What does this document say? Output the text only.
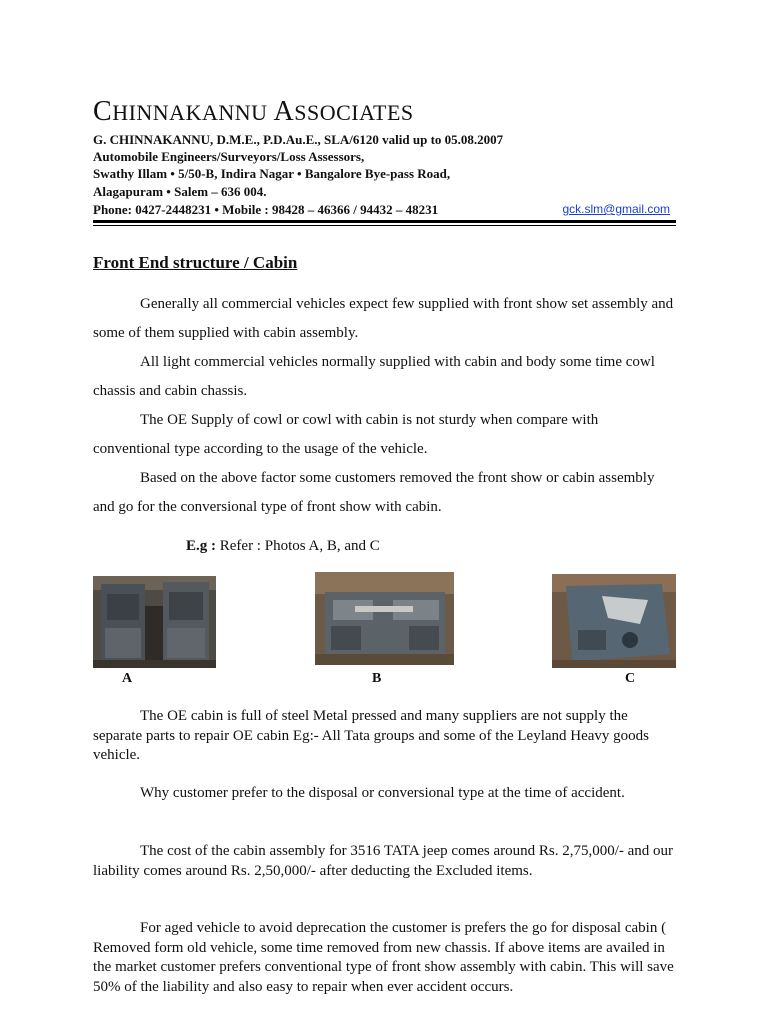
CHINNAKANNU ASSOCIATES
G. CHINNAKANNU, D.M.E., P.D.Au.E., SLA/6120 valid up to 05.08.2007
Automobile Engineers/Surveyors/Loss Assessors,
Swathy Illam • 5/50-B, Indira Nagar • Bangalore Bye-pass Road,
Alagapuram • Salem – 636 004.
Phone: 0427-2448231 • Mobile : 98428 – 46366 / 94432 – 48231	gck.slm@gmail.com
Front End structure / Cabin
Generally all commercial vehicles expect few supplied with front show set assembly and some of them supplied with cabin assembly.
All light commercial vehicles normally supplied with cabin and body some time cowl chassis and cabin chassis.
The OE Supply of cowl or cowl with cabin is not sturdy when compare with conventional type according to the usage of the vehicle.
Based on the above factor some customers removed the front show or cabin assembly and go for the conversional type of front show with cabin.
E.g : Refer : Photos A, B, and C
A	B	C
The OE cabin is full of steel Metal pressed and many suppliers are not supply the separate parts to repair OE cabin Eg:- All Tata groups and some of the Leyland Heavy goods vehicle.
Why customer prefer to the disposal or conversional type at the time of accident.
The cost of the cabin assembly for 3516 TATA jeep comes around Rs. 2,75,000/- and our liability comes around Rs. 2,50,000/- after deducting the Excluded items.
For aged vehicle to avoid deprecation the customer is prefers the go for disposal cabin ( Removed form old vehicle, some time removed from new chassis. If above items are availed in the market customer prefers conventional type of front show assembly with cabin. This will save 50% of the liability and also easy to repair when ever accident occurs.
